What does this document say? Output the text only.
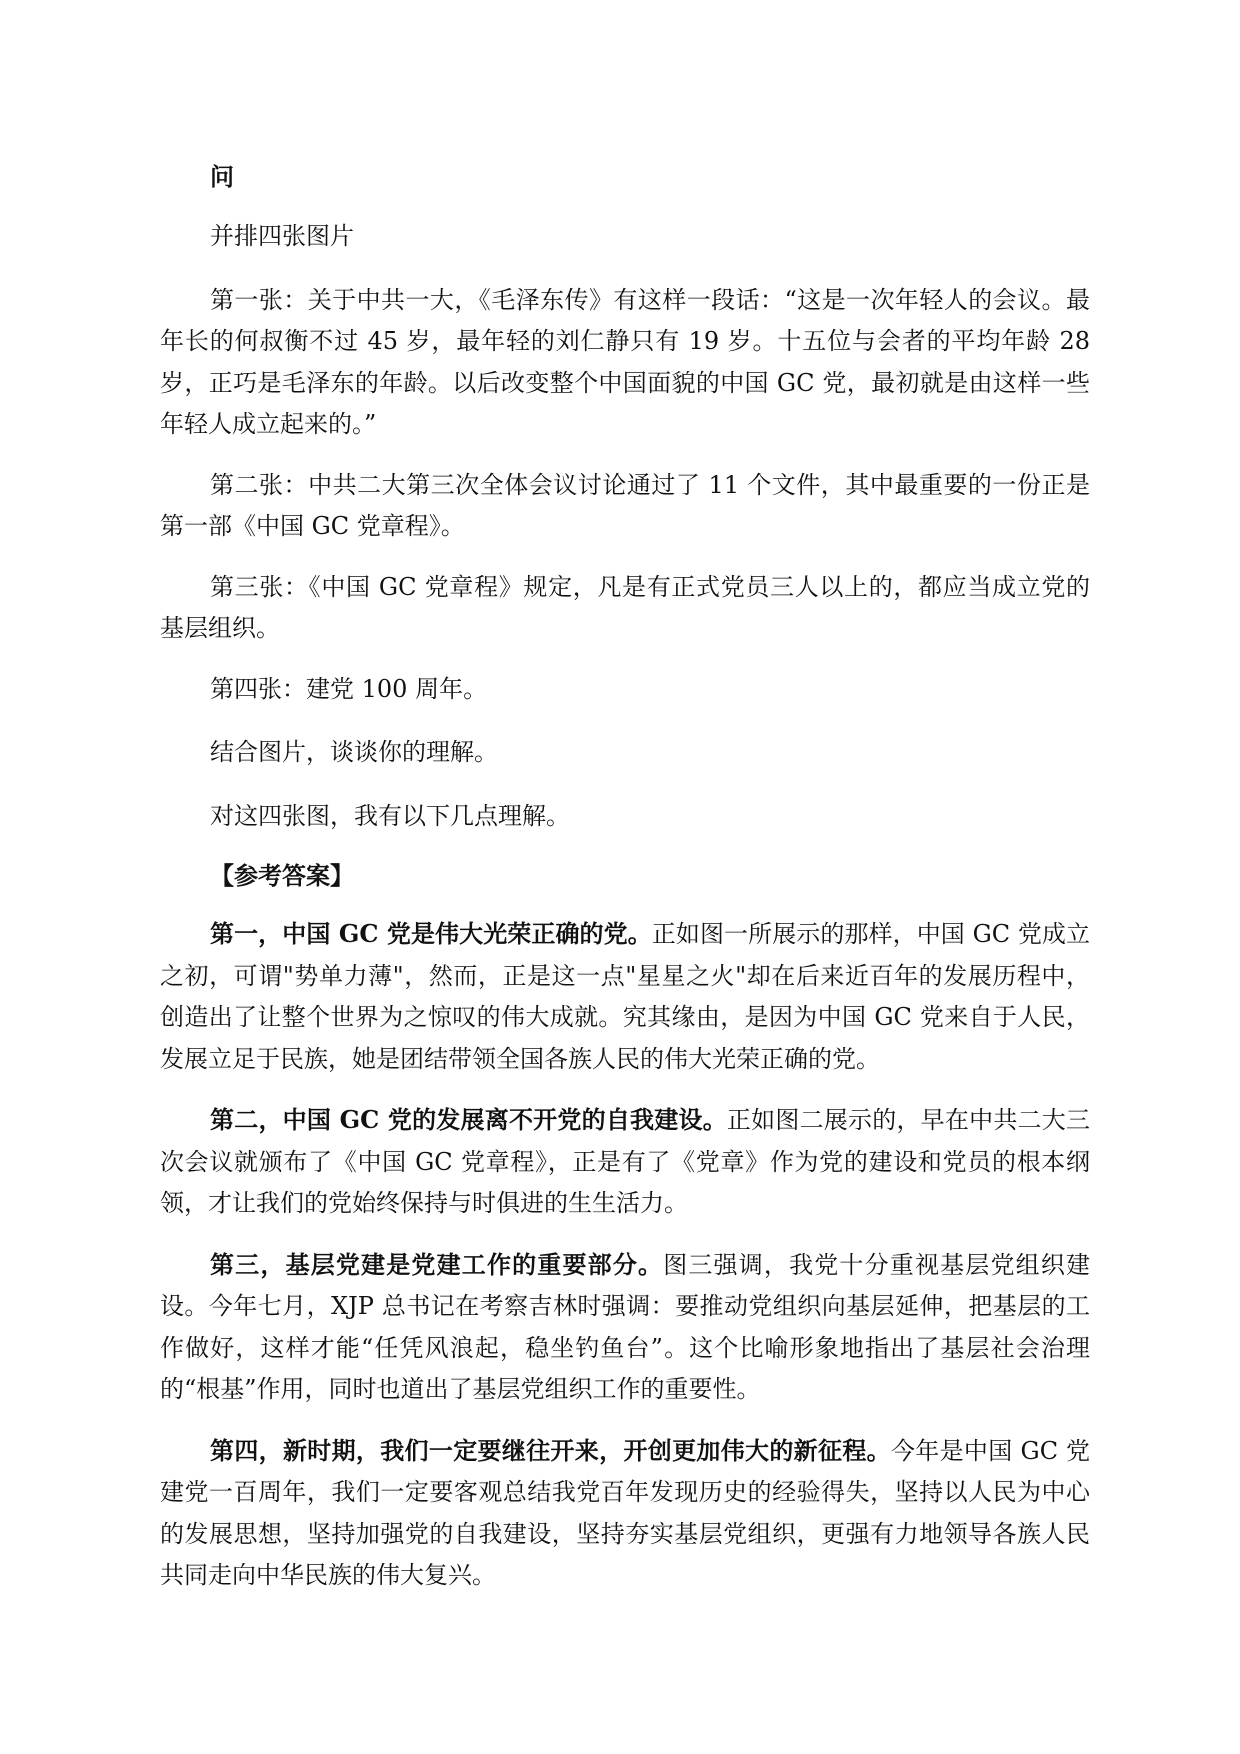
问
并排四张图片
第一张：关于中共一大，《毛泽东传》有这样一段话：“这是一次年轻人的会议。最年长的何叔衡不过 45 岁，最年轻的刘仁静只有 19 岁。十五位与会者的平均年龄 28 岁，正巧是毛泽东的年龄。以后改变整个中国面貌的中国 GC 党，最初就是由这样一些年轻人成立起来的。”
第二张：中共二大第三次全体会议讨论通过了 11 个文件，其中最重要的一份正是第一部《中国 GC 党章程》。
第三张：《中国 GC 党章程》规定，凡是有正式党员三人以上的，都应当成立党的基层组织。
第四张：建党 100 周年。
结合图片，谈谈你的理解。
对这四张图，我有以下几点理解。
【参考答案】
第一，中国 GC 党是伟大光荣正确的党。正如图一所展示的那样，中国 GC 党成立之初，可谓"势单力薄"，然而，正是这一点"星星之火"却在后来近百年的发展历程中，创造出了让整个世界为之惊叹的伟大成就。究其缘由，是因为中国 GC 党来自于人民，发展立足于民族，她是团结带领全国各族人民的伟大光荣正确的党。
第二，中国 GC 党的发展离不开党的自我建设。正如图二展示的，早在中共二大三次会议就颁布了《中国 GC 党章程》，正是有了《党章》作为党的建设和党员的根本纲领，才让我们的党始终保持与时俱进的生生活力。
第三，基层党建是党建工作的重要部分。图三强调，我党十分重视基层党组织建设。今年七月，XJP 总书记在考察吉林时强调：要推动党组织向基层延伸，把基层的工作做好，这样才能“任凭风浪起，稳坐钓鱼台”。这个比喻形象地指出了基层社会治理的“根基”作用，同时也道出了基层党组织工作的重要性。
第四，新时期，我们一定要继往开来，开创更加伟大的新征程。今年是中国 GC 党建党一百周年，我们一定要客观总结我党百年发现历史的经验得失，坚持以人民为中心的发展思想，坚持加强党的自我建设，坚持夯实基层党组织，更强有力地领导各族人民共同走向中华民族的伟大复兴。
